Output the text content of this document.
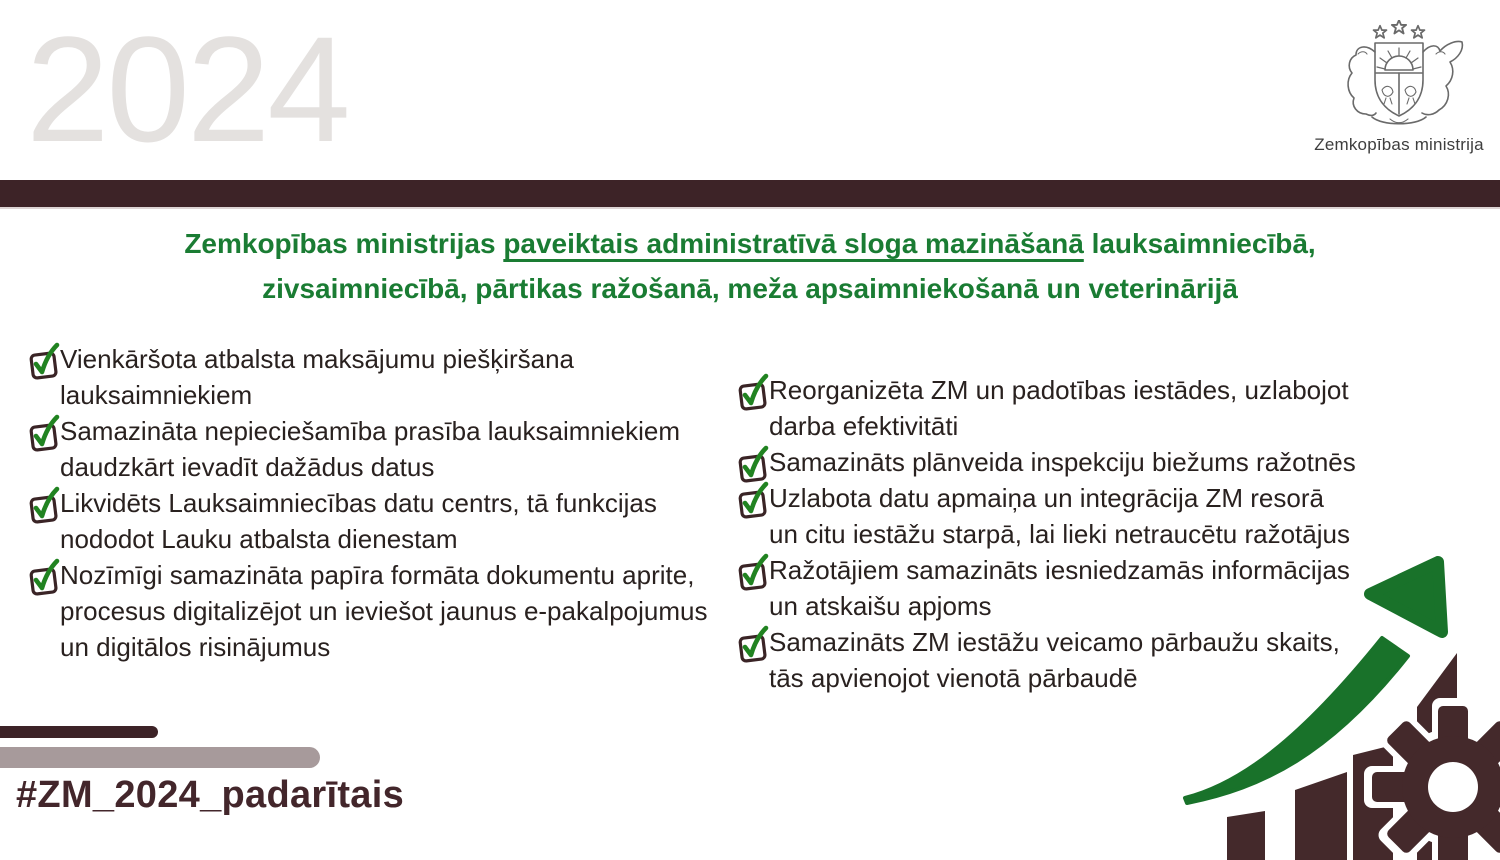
2024	Zemkopības ministrija
Zemkopības ministrijas paveiktais administratīvā sloga mazināšanā lauksaimniecībā,
zivsaimniecībā, pārtikas ražošanā, meža apsaimniekošanā un veterinārijā
Vienkāršota atbalsta maksājumu piešķiršana
lauksaimniekiem
Samazināta nepieciešamība prasība lauksaimniekiem
daudzkārt ievadīt dažādus datus
Likvidēts Lauksaimniecības datu centrs, tā funkcijas
nododot Lauku atbalsta dienestam
Nozīmīgi samazināta papīra formāta dokumentu aprite,
procesus digitalizējot un ieviešot jaunus e-pakalpojumus
un digitālos risinājumus
Reorganizēta ZM un padotības iestādes, uzlabojot
darba efektivitāti
Samazināts plānveida inspekciju biežums ražotnēs
Uzlabota datu apmaiņa un integrācija ZM resorā
un citu iestāžu starpā, lai lieki netraucētu ražotājus
Ražotājiem samazināts iesniedzamās informācijas
un atskaišu apjoms
Samazināts ZM iestāžu veicamo pārbaužu skaits,
tās apvienojot vienotā pārbaudē
#ZM_2024_padarītais
